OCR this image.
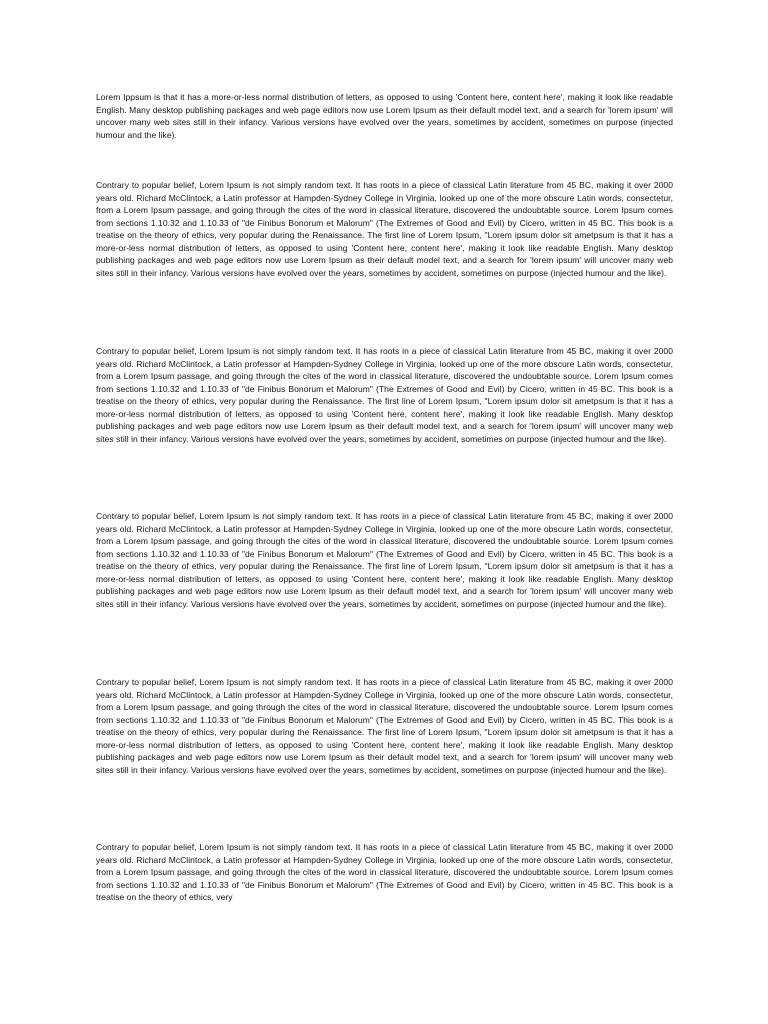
Lorem Ippsum is that it has a more-or-less normal distribution of letters, as opposed to using 'Content here, content here', making it look like readable English. Many desktop publishing packages and web page editors now use Lorem Ipsum as their default model text, and a search for 'lorem ipsum' will uncover many web sites still in their infancy. Various versions have evolved over the years, sometimes by accident, sometimes on purpose (injected humour and the like).

Contrary to popular belief, Lorem Ipsum is not simply random text. It has roots in a piece of classical Latin literature from 45 BC, making it over 2000 years old. Richard McClintock, a Latin professor at Hampden-Sydney College in Virginia, looked up one of the more obscure Latin words, consectetur, from a Lorem Ipsum passage, and going through the cites of the word in classical literature, discovered the undoubtable source. Lorem Ipsum comes from sections 1.10.32 and 1.10.33 of "de Finibus Bonorum et Malorum" (The Extremes of Good and Evil) by Cicero, written in 45 BC. This book is a treatise on the theory of ethics, very popular during the Renaissance. The first line of Lorem Ipsum, "Lorem ipsum dolor sit ametpsum is that it has a more-or-less normal distribution of letters, as opposed to using 'Content here, content here', making it look like readable English. Many desktop publishing packages and web page editors now use Lorem Ipsum as their default model text, and a search for 'lorem ipsum' will uncover many web sites still in their infancy. Various versions have evolved over the years, sometimes by accident, sometimes on purpose (injected humour and the like).

Contrary to popular belief, Lorem Ipsum is not simply random text. It has roots in a piece of classical Latin literature from 45 BC, making it over 2000 years old. Richard McClintock, a Latin professor at Hampden-Sydney College in Virginia, looked up one of the more obscure Latin words, consectetur, from a Lorem Ipsum passage, and going through the cites of the word in classical literature, discovered the undoubtable source. Lorem Ipsum comes from sections 1.10.32 and 1.10.33 of "de Finibus Bonorum et Malorum" (The Extremes of Good and Evil) by Cicero, written in 45 BC. This book is a treatise on the theory of ethics, very popular during the Renaissance. The first line of Lorem Ipsum, "Lorem ipsum dolor sit ametpsum is that it has a more-or-less normal distribution of letters, as opposed to using 'Content here, content here', making it look like readable English. Many desktop publishing packages and web page editors now use Lorem Ipsum as their default model text, and a search for 'lorem ipsum' will uncover many web sites still in their infancy. Various versions have evolved over the years, sometimes by accident, sometimes on purpose (injected humour and the like).

Contrary to popular belief, Lorem Ipsum is not simply random text. It has roots in a piece of classical Latin literature from 45 BC, making it over 2000 years old. Richard McClintock, a Latin professor at Hampden-Sydney College in Virginia, looked up one of the more obscure Latin words, consectetur, from a Lorem Ipsum passage, and going through the cites of the word in classical literature, discovered the undoubtable source. Lorem Ipsum comes from sections 1.10.32 and 1.10.33 of "de Finibus Bonorum et Malorum" (The Extremes of Good and Evil) by Cicero, written in 45 BC. This book is a treatise on the theory of ethics, very popular during the Renaissance. The first line of Lorem Ipsum, "Lorem ipsum dolor sit ametpsum is that it has a more-or-less normal distribution of letters, as opposed to using 'Content here, content here', making it look like readable English. Many desktop publishing packages and web page editors now use Lorem Ipsum as their default model text, and a search for 'lorem ipsum' will uncover many web sites still in their infancy. Various versions have evolved over the years, sometimes by accident, sometimes on purpose (injected humour and the like).

Contrary to popular belief, Lorem Ipsum is not simply random text. It has roots in a piece of classical Latin literature from 45 BC, making it over 2000 years old. Richard McClintock, a Latin professor at Hampden-Sydney College in Virginia, looked up one of the more obscure Latin words, consectetur, from a Lorem Ipsum passage, and going through the cites of the word in classical literature, discovered the undoubtable source. Lorem Ipsum comes from sections 1.10.32 and 1.10.33 of "de Finibus Bonorum et Malorum" (The Extremes of Good and Evil) by Cicero, written in 45 BC. This book is a treatise on the theory of ethics, very popular during the Renaissance. The first line of Lorem Ipsum, "Lorem ipsum dolor sit ametpsum is that it has a more-or-less normal distribution of letters, as opposed to using 'Content here, content here', making it look like readable English. Many desktop publishing packages and web page editors now use Lorem Ipsum as their default model text, and a search for 'lorem ipsum' will uncover many web sites still in their infancy. Various versions have evolved over the years, sometimes by accident, sometimes on purpose (injected humour and the like).

Contrary to popular belief, Lorem Ipsum is not simply random text. It has roots in a piece of classical Latin literature from 45 BC, making it over 2000 years old. Richard McClintock, a Latin professor at Hampden-Sydney College in Virginia, looked up one of the more obscure Latin words, consectetur, from a Lorem Ipsum passage, and going through the cites of the word in classical literature, discovered the undoubtable source. Lorem Ipsum comes from sections 1.10.32 and 1.10.33 of "de Finibus Bonorum et Malorum" (The Extremes of Good and Evil) by Cicero, written in 45 BC. This book is a treatise on the theory of ethics, very
